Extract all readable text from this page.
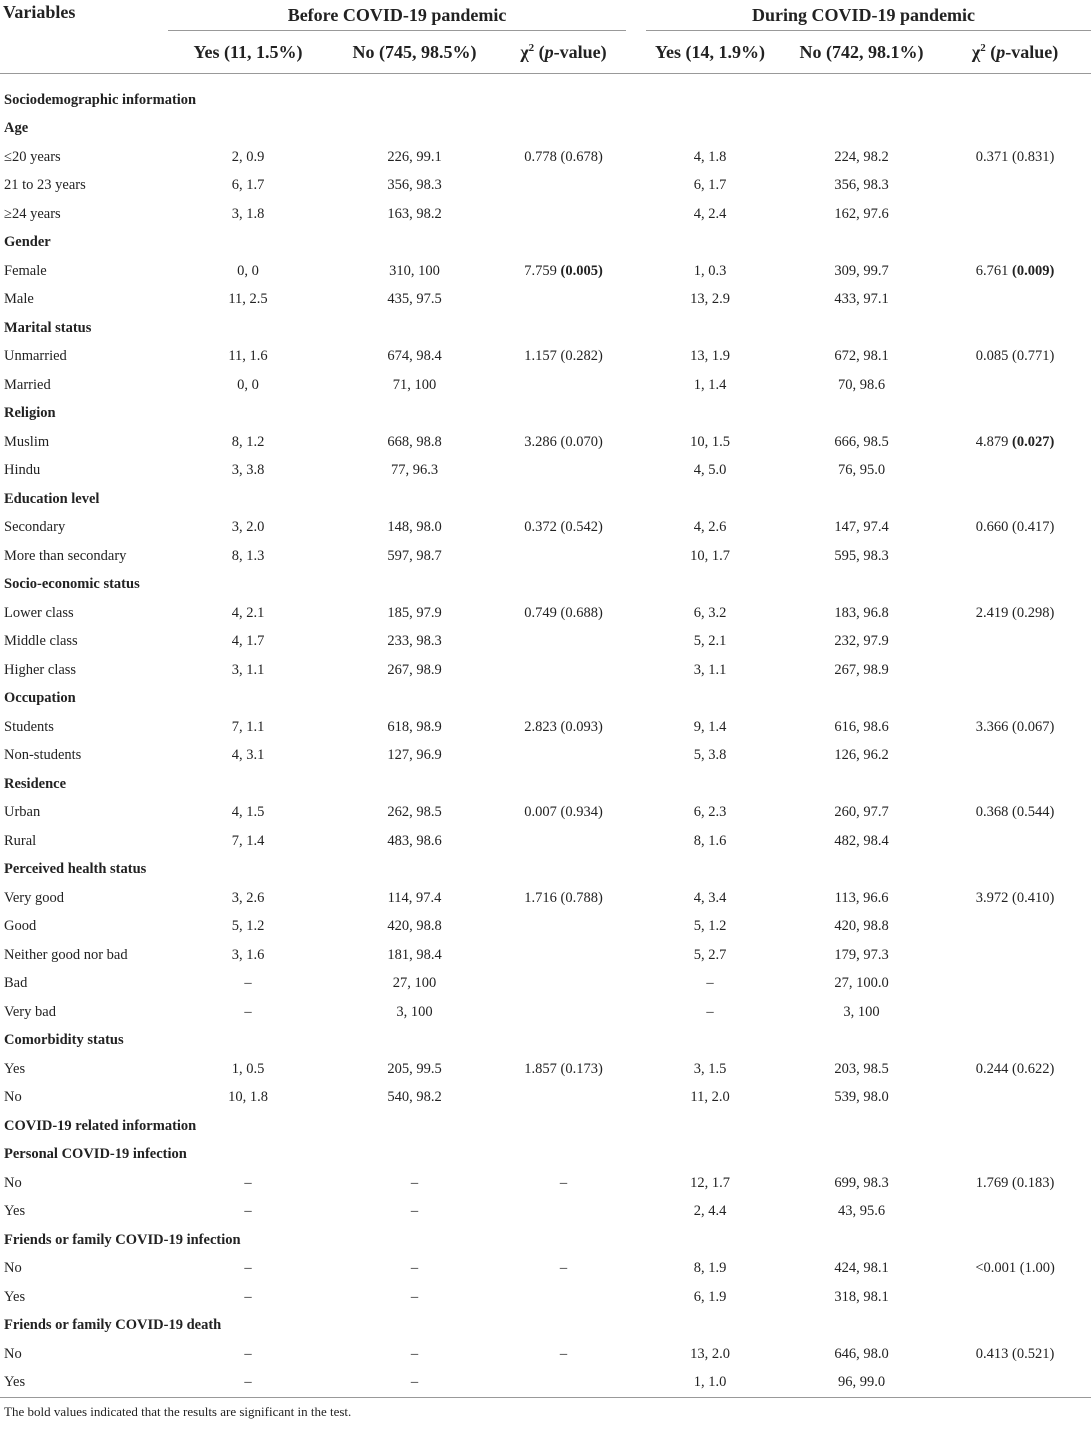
Variables	Before COVID-19 pandemic			During COVID-19 pandemic		

	Yes (11, 1.5%)	No (745, 98.5%)	$\chi^2$ (p-value)	Yes (14, 1.9%)	No (742, 98.1%)	$\chi^2$ (p-value)

Sociodemographic information						
Age						
≤20 years	2, 0.9	226, 99.1	0.778 (0.678)	4, 1.8	224, 98.2	0.371 (0.831)
21 to 23 years	6, 1.7	356, 98.3		6, 1.7	356, 98.3	
≥24 years	3, 1.8	163, 98.2		4, 2.4	162, 97.6	
Gender						
Female	0, 0	310, 100	7.759 (0.005)	1, 0.3	309, 99.7	6.761 (0.009)
Male	11, 2.5	435, 97.5		13, 2.9	433, 97.1	
Marital status						
Unmarried	11, 1.6	674, 98.4	1.157 (0.282)	13, 1.9	672, 98.1	0.085 (0.771)
Married	0, 0	71, 100		1, 1.4	70, 98.6	
Religion						
Muslim	8, 1.2	668, 98.8	3.286 (0.070)	10, 1.5	666, 98.5	4.879 (0.027)
Hindu	3, 3.8	77, 96.3		4, 5.0	76, 95.0	
Education level						
Secondary	3, 2.0	148, 98.0	0.372 (0.542)	4, 2.6	147, 97.4	0.660 (0.417)
More than secondary	8, 1.3	597, 98.7		10, 1.7	595, 98.3	
Socio-economic status						
Lower class	4, 2.1	185, 97.9	0.749 (0.688)	6, 3.2	183, 96.8	2.419 (0.298)
Middle class	4, 1.7	233, 98.3		5, 2.1	232, 97.9	
Higher class	3, 1.1	267, 98.9		3, 1.1	267, 98.9	
Occupation						
Students	7, 1.1	618, 98.9	2.823 (0.093)	9, 1.4	616, 98.6	3.366 (0.067)
Non-students	4, 3.1	127, 96.9		5, 3.8	126, 96.2	
Residence						
Urban	4, 1.5	262, 98.5	0.007 (0.934)	6, 2.3	260, 97.7	0.368 (0.544)
Rural	7, 1.4	483, 98.6		8, 1.6	482, 98.4	
Perceived health status						
Very good	3, 2.6	114, 97.4	1.716 (0.788)	4, 3.4	113, 96.6	3.972 (0.410)
Good	5, 1.2	420, 98.8		5, 1.2	420, 98.8	
Neither good nor bad	3, 1.6	181, 98.4		5, 2.7	179, 97.3	
Bad	–	27, 100		–	27, 100.0	
Very bad	–	3, 100		–	3, 100	
Comorbidity status						
Yes	1, 0.5	205, 99.5	1.857 (0.173)	3, 1.5	203, 98.5	0.244 (0.622)
No	10, 1.8	540, 98.2		11, 2.0	539, 98.0	
COVID-19 related information						
Personal COVID-19 infection						
No	–	–	–	12, 1.7	699, 98.3	1.769 (0.183)
Yes	–	–		2, 4.4	43, 95.6	
Friends or family COVID-19 infection						
No	–	–	–	8, 1.9	424, 98.1	<0.001 (1.00)
Yes	–	–		6, 1.9	318, 98.1	
Friends or family COVID-19 death						
No	–	–	–	13, 2.0	646, 98.0	0.413 (0.521)
Yes	–	–		1, 1.0	96, 99.0	
The bold values indicated that the results are significant in the test.
